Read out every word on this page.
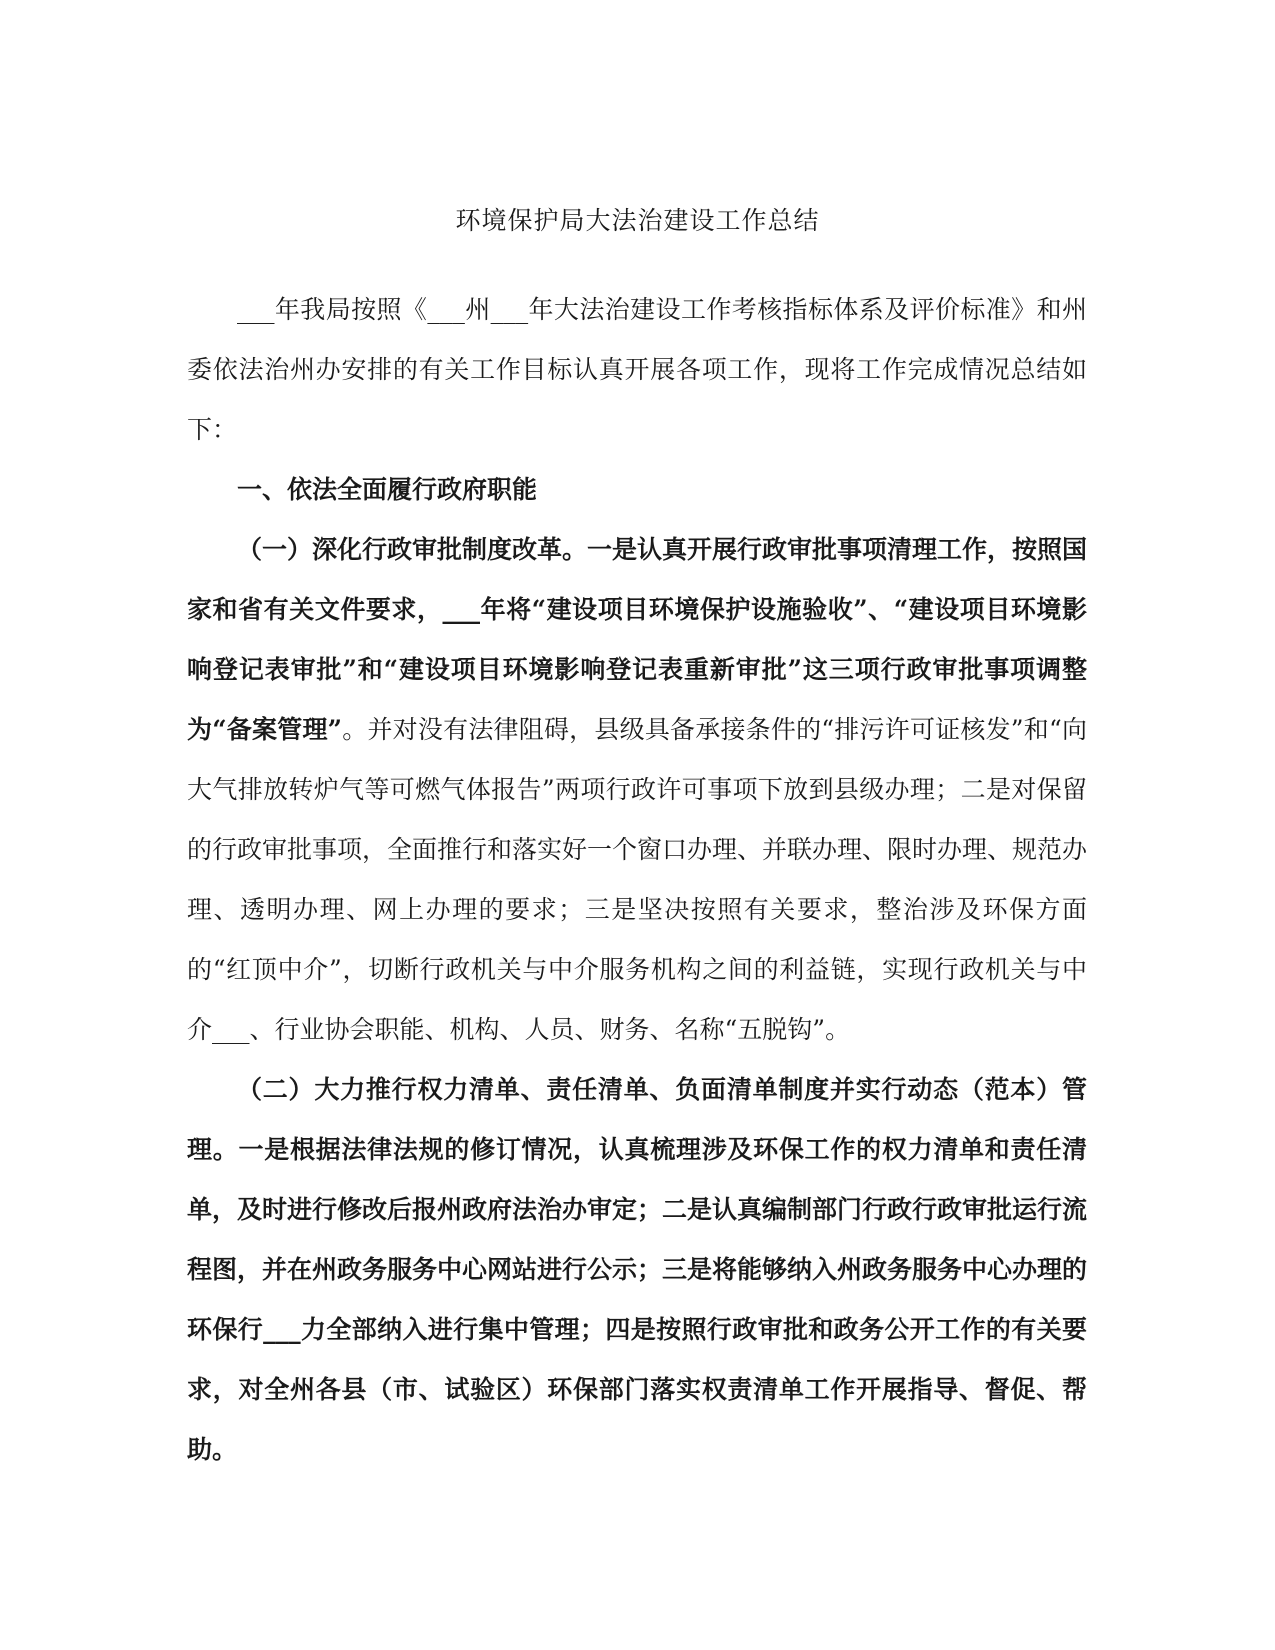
环境保护局大法治建设工作总结

___年我局按照《___州___年大法治建设工作考核指标体系及评价标准》和州委依法治州办安排的有关工作目标认真开展各项工作，现将工作完成情况总结如下：

一、依法全面履行政府职能

（一）深化行政审批制度改革。一是认真开展行政审批事项清理工作，按照国家和省有关文件要求，___年将“建设项目环境保护设施验收”、“建设项目环境影响登记表审批”和“建设项目环境影响登记表重新审批”这三项行政审批事项调整为“备案管理”。并对没有法律阻碍，县级具备承接条件的“排污许可证核发”和“向大气排放转炉气等可燃气体报告”两项行政许可事项下放到县级办理；二是对保留的行政审批事项，全面推行和落实好一个窗口办理、并联办理、限时办理、规范办理、透明办理、网上办理的要求；三是坚决按照有关要求，整治涉及环保方面的“红顶中介”，切断行政机关与中介服务机构之间的利益链，实现行政机关与中介___、行业协会职能、机构、人员、财务、名称“五脱钩”。

（二）大力推行权力清单、责任清单、负面清单制度并实行动态（范本）管理。一是根据法律法规的修订情况，认真梳理涉及环保工作的权力清单和责任清单，及时进行修改后报州政府法治办审定；二是认真编制部门行政行政审批运行流程图，并在州政务服务中心网站进行公示；三是将能够纳入州政务服务中心办理的环保行___力全部纳入进行集中管理；四是按照行政审批和政务公开工作的有关要求，对全州各县（市、试验区）环保部门落实权责清单工作开展指导、督促、帮助。
